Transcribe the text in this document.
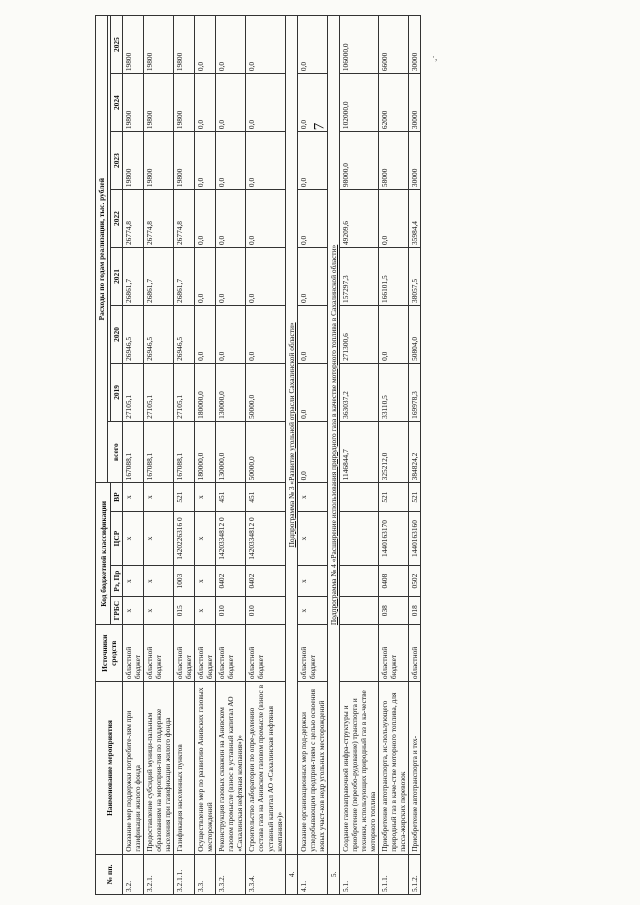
7
·,
№ пп.	Наименование мероприятия	Источники средств	Код бюджетной классификации				Расходы по годам реализации, тыс. рублей							
							всего							
			ГРБС	Рз, Пр	ЦСР	ВР		2019	2020	2021	2022	2023	2024	2025
3.2.	Оказание мер поддержки потребите-лям при газификации жилого фонда	областной бюджет	x	x	x	x	167088,1	27105,1	26946,5	26861,7	26774,8	19800	19800	19800
3.2.1.	Предоставление субсидий муници-пальным образованиям на мероприя-тия по поддержке населения при газификации жилого фонда	областной бюджет	x	x	x	x	167088,1	27105,1	26946,5	26861,7	26774,8	19800	19800	19800
3.2.1.1.	Газификация населенных пунктов	областной бюджет	015	1003	1420226316 0	521	167088,1	27105,1	26946,5	26861,7	26774,8	19800	19800	19800
3.3.	Осуществление мер по развитию Анивских газовых месторождений	областной бюджет	x	x	x	x	180000,0	180000,0	0,0	0,0	0,0	0,0	0,0	0,0
3.3.2.	Реконструкция газовых скважин на Анивском газовом промысле (взнос в уставный капитал АО «Сахалинская нефтяная компания»)»	областной бюджет	010	0402	1420334812 0	451	130000,0	130000,0	0,0	0,0	0,0	0,0	0,0	0,0
3.3.4.	Строительство лаборатории по опре-делению состава газа на Анивском газовом промысле (взнос в уставный капитал АО «Сахалинская нефтяная компания»)»	областной бюджет	010	0402	1420334812 0	451	50000,0	50000,0	0,0	0,0	0,0	0,0	0,0	0,0
4.	Подпрограмма № 3 «Развитие угольной отрасли Сахалинской области»													
4.1.	Оказание организационных мер под-держки угледобывающим предприя-тиям с целью освоения новых участ-ков недр угольных месторождений	областной бюджет	x	x	x	x	0,0	0,0	0,0	0,0	0,0	0,0	0,0	0,0
5.	Подпрограмма № 4 «Расширение использования природного газа в качестве моторного топлива в Сахалинской области»													
5.1.	Создание газозаправочной инфра-структуры и приобретение (переобо-рудование) транспорта и техники, использующих природный газ в ка-честве моторного топлива						1146844,7	363037,2	271300,6	157297,3	49209,6	98000,0	102000,0	106000,0
5.1.1.	Приобретение автотранспорта, ис-пользующего природный газ в каче-стве моторного топлива, для пасса-жирских перевозок	областной бюджет	038	0408	1440163170	521	325212,0	33110,5	0,0	166101,5	0,0	58000	62000	66000
5.1.2.	Приобретение автотранспорта и тех-	областной	018	0502	1440163160	521	384824,2	169978,3	50804,0	38057,5	35984,4	30000	30000	30000
